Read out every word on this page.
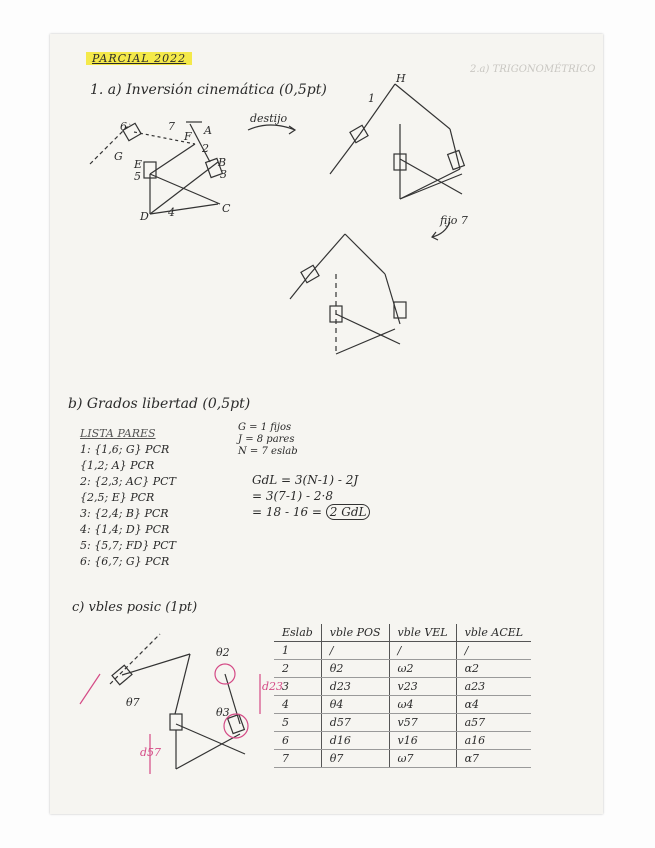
PARCIAL 2022
2.a) TRIGONOMÉTRICO
1. a) Inversión cinemática (0,5pt)
6	7
F
G
A
2
B
E
5	3
D 4	C
H
1
destijo
fijo 7
b) Grados libertad (0,5pt)
LISTA PARES
1: {1,6; G} PCR
{1,2; A} PCR
2: {2,3; AC} PCT
{2,5; E} PCR
3: {2,4; B} PCR
4: {1,4; D} PCR
5: {5,7; FD} PCT
6: {6,7; G} PCR
G = 1 fijos
J = 8 pares
N = 7 eslab
GdL = 3(N-1) - 2J
= 3(7-1) - 2·8
= 18 - 16 = 2 GdL
c) vbles posic (1pt)
θ2
θ3
θ7
d23
d57
Eslab	vble POS	vble VEL	vble ACEL
1	/	/	/
2	θ2	ω2	α2
3	d23	v23	a23
4	θ4	ω4	α4
5	d57	v57	a57
6	d16	v16	a16
7	θ7	ω7	α7
